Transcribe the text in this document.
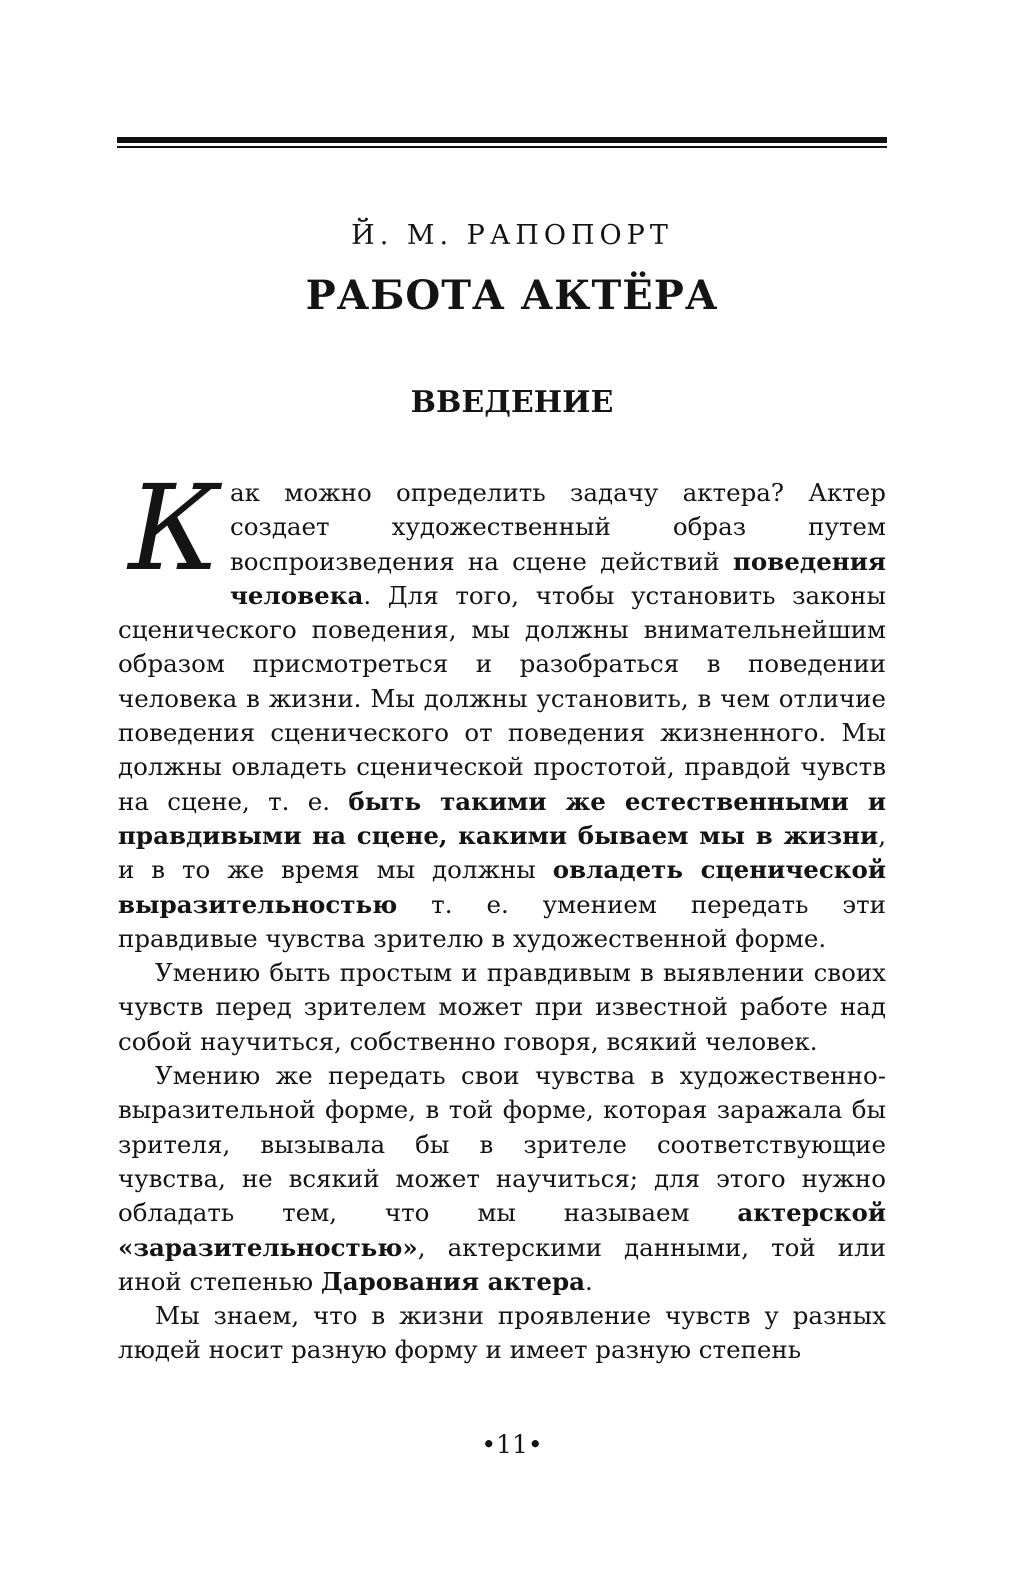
Й. М. РАПОПОРТ
РАБОТА АКТЁРА
ВВЕДЕНИЕ

Как можно определить задачу актера? Актер создает художественный образ путем воспроизведения на сцене действий поведения человека. Для того, чтобы установить законы сценического поведения, мы должны внимательнейшим образом присмотреться и разобраться в поведении человека в жизни. Мы должны установить, в чем отличие поведения сценического от поведения жизненного. Мы должны овладеть сценической простотой, правдой чувств на сцене, т. е. быть такими же естественными и правдивыми на сцене, какими бываем мы в жизни, и в то же время мы должны овладеть сценической выразительностью т. е. умением передать эти правдивые чувства зрителю в художественной форме.

Умению быть простым и правдивым в выявлении своих чувств перед зрителем может при известной работе над собой научиться, собственно говоря, всякий человек.

Умению же передать свои чувства в художественно-выразительной форме, в той форме, которая заражала бы зрителя, вызывала бы в зрителе соответствующие чувства, не всякий может научиться; для этого нужно обладать тем, что мы называем актерской «заразительностью», актерскими данными, той или иной степенью Дарования актера.

Мы знаем, что в жизни проявление чувств у разных людей носит разную форму и имеет разную степень

•11•
